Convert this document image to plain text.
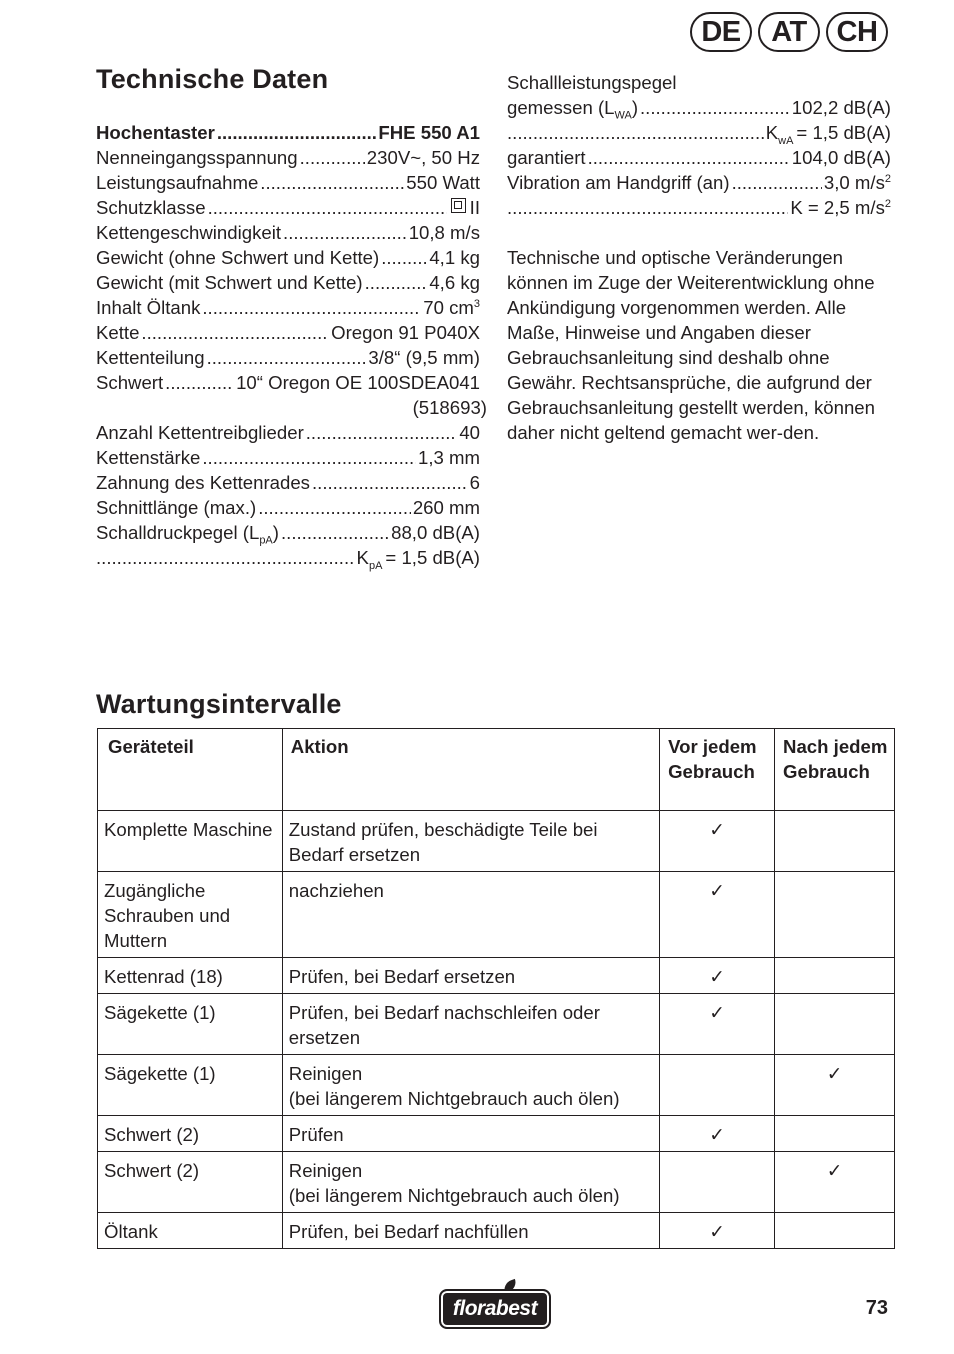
DE	AT	CH
Technische Daten
Hochentaster .....	FHE 550 A1
Nenneingangsspannung .....	230V~, 50 Hz
Leistungsaufnahme .....	550 Watt
Schutzklasse .....	II
Kettengeschwindigkeit .....	10,8 m/s
Gewicht (ohne Schwert und Kette) .....	4,1 kg
Gewicht (mit Schwert und Kette) .....	4,6 kg
Inhalt Öltank .....	70 $cm^3$
Kette .....	Oregon 91 P040X
Kettenteilung .....	3/8“ (9,5 mm)
Schwert .....	10“ Oregon OE 100SDEA041
(518693)
Anzahl Kettentreibglieder .....	40
Kettenstärke .....	1,3 mm
Zahnung des Kettenrades .....	6
Schnittlänge (max.) .....	260 mm
Schalldruckpegel $(L_{pA})$ .....	88,0 dB(A)
.....
$K_{pA} = 1,5$ dB(A)
Schallleistungspegel
gemessen $(L_{WA})$ .....	102,2 dB(A)
.....
$K_{wA} = 1,5$ dB(A)
garantiert .....	104,0 dB(A)
Vibration am Handgriff (an) .....	3,0 $m/s^2$
.....
K = 2,5 $m/s^2$
Technische und optische Veränderungen können im Zuge der Weiterentwicklung ohne Ankündigung vorgenommen werden. Alle Maße, Hinweise und Angaben dieser Gebrauchsanleitung sind deshalb ohne Gewähr. Rechtsansprüche, die aufgrund der Gebrauchsanleitung gestellt werden, können daher nicht geltend gemacht wer-den.
Wartungsintervalle
Geräteteil	Aktion	Vor jedem Gebrauch	Nach jedem Gebrauch
Komplette Maschine	Zustand prüfen, beschädigte Teile bei Bedarf ersetzen	✓	
Zugängliche Schrauben und Muttern	nachziehen	✓	
Kettenrad (18)	Prüfen, bei Bedarf ersetzen	✓	
Sägekette (1)	Prüfen, bei Bedarf nachschleifen oder ersetzen	✓	
Sägekette (1)	Reinigen
(bei längerem Nichtgebrauch auch ölen)		✓
Schwert (2)	Prüfen	✓	
Schwert (2)	Reinigen
(bei längerem Nichtgebrauch auch ölen)		✓
Öltank	Prüfen, bei Bedarf nachfüllen	✓	
florabest	73
